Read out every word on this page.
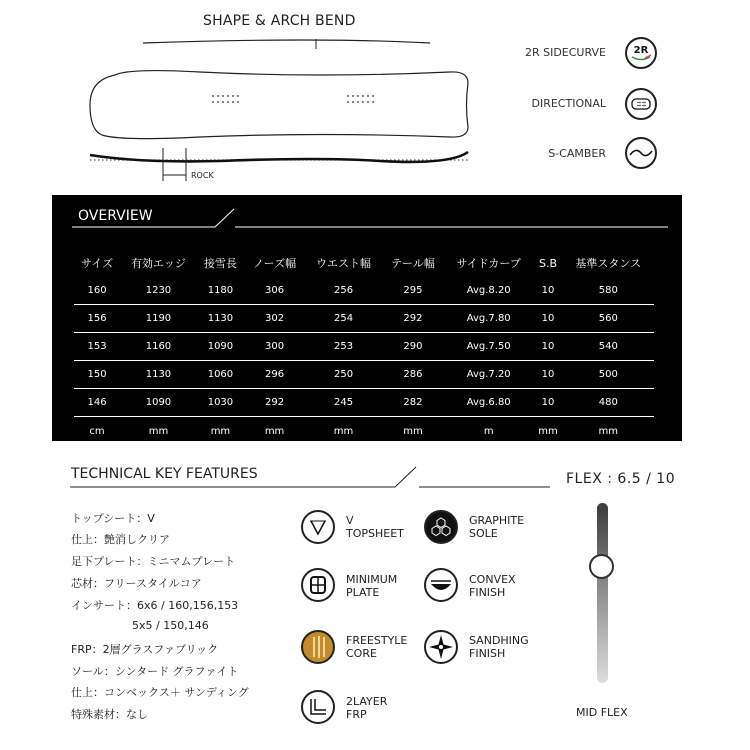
SHAPE & ARCH BEND
ROCK
2R SIDECURVE	2R
DIRECTIONAL
S-CAMBER
OVERVIEW
サイズ	有効エッジ	接雪長	ノーズ幅	ウエスト幅	テール幅	サイドカーブ	S.B	基準スタンス
160	1230	1180	306	256	295	Avg.8.20	10	580
156	1190	1130	302	254	292	Avg.7.80	10	560
153	1160	1090	300	253	290	Avg.7.50	10	540
150	1130	1060	296	250	286	Avg.7.20	10	500
146	1090	1030	292	245	282	Avg.6.80	10	480
cm	mm	mm	mm	mm	mm	m	mm	mm
TECHNICAL KEY FEATURES
トップシート：V
仕上：艶消しクリア
足下プレート：ミニマムプレート
芯材：フリースタイルコア
インサート：6x6 / 160,156,153
5x5 / 150,146
FRP：2層グラスファブリック
ソール：シンタード グラファイト
仕上：コンベックス＋ サンディング
特殊素材：なし
V
TOPSHEET
MINIMUM
PLATE
FREESTYLE
CORE
2LAYER
FRP
GRAPHITE
SOLE
CONVEX
FINISH
SANDHING
FINISH
FLEX : 6.5 / 10
MID FLEX
